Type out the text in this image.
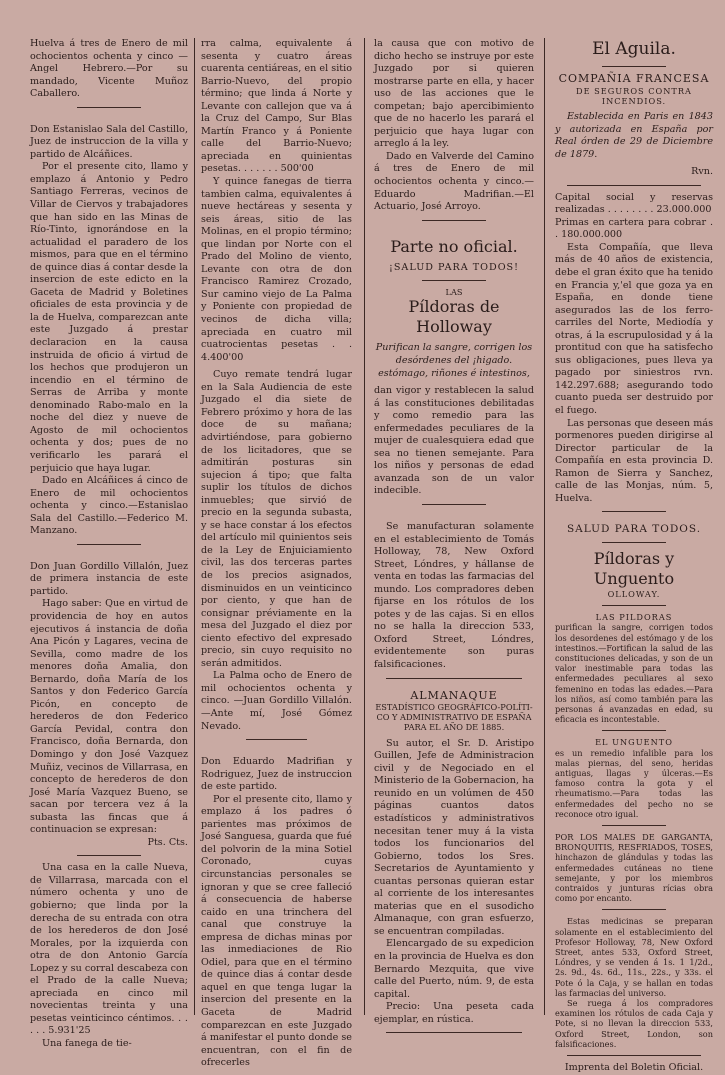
Huelva á tres de Enero de mil ochocientos ochenta y cinco — Angel Hebrero.—Por su mandado, Vicente Muñoz Caballero.

Don Estanislao Sala del Castillo, Juez de instruccion de la villa y partido de Alcáñices.

Por el presente cito, llamo y emplazo á Antonio y Pedro Santiago Ferreras, vecinos de Villar de Ciervos y trabajadores que han sido en las Minas de Río-Tinto, ignorándose en la actualidad el paradero de los mismos, para que en el término de quince dias á contar desde la insercion de este edicto en la Gaceta de Madrid y Boletines oficiales de esta provincia y de la de Huelva, comparezcan ante este Juzgado á prestar declaracion en la causa instruida de oficio á virtud de los hechos que produjeron un incendio en el término de Serras de Arriba y monte denominado Rabo-malo en la noche del diez y nueve de Agosto de mil ochocientos ochenta y dos; pues de no verificarlo les parará el perjuicio que haya lugar.

Dado en Alcáñices á cinco de Enero de mil ochocientos ochenta y cinco.—Estanislao Sala del Castillo.—Federico M. Manzano.

Don Juan Gordillo Villalón, Juez de primera instancia de este partido.

Hago saber: Que en virtud de providencia de hoy en autos ejecutivos á instancia de doña Ana Picón y Lagares, vecina de Sevilla, como madre de los menores doña Amalia, don Bernardo, doña María de los Santos y don Federico García Picón, en concepto de herederos de don Federico García Pevidal, contra don Francisco, doña Bernarda, don Domingo y don José Vazquez Muñiz, vecinos de Villarrasa, en concepto de herederos de don José María Vazquez Bueno, se sacan por tercera vez á la subasta las fincas que á continuacion se expresan:

Pts. Cts.

Una casa en la calle Nueva, de Villarrasa, marcada con el número ochenta y uno de gobierno; que linda por la derecha de su entrada con otra de los herederos de don José Morales, por la izquierda con otra de don Antonio García Lopez y su corral descabeza con el Prado de la calle Nueva; apreciada en cinco mil novecientas treinta y una pesetas veinticinco céntimos. . . . . . 5.931'25

Una fanega de tie-

rra calma, equivalente á sesenta y cuatro áreas cuarenta centiáreas, en el sitio Barrio-Nuevo, del propio término; que linda á Norte y Levante con callejon que va á la Cruz del Campo, Sur Blas Martín Franco y á Poniente calle del Barrio-Nuevo; apreciada en quinientas pesetas. . . . . . . 500'00

Y quince fanegas de tierra tambien calma, equivalentes á nueve hectáreas y sesenta y seis áreas, sitio de las Molinas, en el propio término; que lindan por Norte con el Prado del Molino de viento, Levante con otra de don Francisco Ramirez Crozado, Sur camino viejo de La Palma y Poniente con propiedad de vecinos de dicha villa; apreciada en cuatro mil cuatrocientas pesetas . . 4.400'00

Cuyo remate tendrá lugar en la Sala Audiencia de este Juzgado el dia siete de Febrero próximo y hora de las doce de su mañana; advirtiéndose, para gobierno de los licitadores, que se admitirán posturas sin sujecion á tipo; que falta suplir los títulos de dichos inmuebles; que sirvió de precio en la segunda subasta, y se hace constar á los efectos del artículo mil quinientos seis de la Ley de Enjuiciamiento civil, las dos terceras partes de los precios asignados, disminuidos en un veinticinco por ciento, y que han de consignar préviamente en la mesa del Juzgado el diez por ciento efectivo del expresado precio, sin cuyo requisito no serán admitidos.

La Palma ocho de Enero de mil ochocientos ochenta y cinco. —Juan Gordillo Villalón.—Ante mí, José Gómez Nevado.

Don Eduardo Madrifian y Rodriguez, Juez de instruccion de este partido.

Por el presente cito, llamo y emplazo á los padres ó parientes mas próximos de José Sanguesa, guarda que fué del polvorin de la mina Sotiel Coronado, cuyas circunstancias personales se ignoran y que se cree falleció á consecuencia de haberse caido en una trinchera del canal que construye la empresa de dichas minas por las inmediaciones de Rio Odiel, para que en el término de quince dias á contar desde aquel en que tenga lugar la insercion del presente en la Gaceta de Madrid comparezcan en este Juzgado á manifestar el punto donde se encuentran, con el fin de ofrecerles

la causa que con motivo de dicho hecho se instruye por este Juzgado por si quieren mostrarse parte en ella, y hacer uso de las acciones que le competan; bajo apercibimiento que de no hacerlo les parará el perjuicio que haya lugar con arreglo á la ley.

Dado en Valverde del Camino á tres de Enero de mil ochocientos ochenta y cinco.—Eduardo Madrifian.—El Actuario, José Arroyo.

Parte no oficial.

¡SALUD PARA TODOS!

LAS

Píldoras de Holloway

Purifican la sangre, corrigen los desórdenes del ¡higado. estómago, riñones é intestinos,

dan vigor y restablecen la salud á las constituciones debilitadas y como remedio para las enfermedades peculiares de la mujer de cualesquiera edad que sea no tienen semejante. Para los niños y personas de edad avanzada son de un valor indecible.

Se manufacturan solamente en el establecimiento de Tomás Holloway, 78, New Oxford Street, Lóndres, y hállanse de venta en todas las farmacias del mundo. Los compradores deben fijarse en los rótulos de los potes y de las cajas. Si en ellos no se halla la direccion 533, Oxford Street, Lóndres, evidentemente son puras falsificaciones.

ALMANAQUE

ESTADÍSTICO GEOGRÁFICO-POLÍTI-

CO Y ADMINISTRATIVO DE ESPAÑA

PARA EL AÑO DE 1885.

Su autor, el Sr. D. Aristipo Guillen, Jefe de Administracion civil y de Negociado en el Ministerio de la Gobernacion, ha reunido en un volúmen de 450 páginas cuantos datos estadísticos y administrativos necesitan tener muy á la vista todos los funcionarios del Gobierno, todos los Sres. Secretarios de Ayuntamiento y cuantas personas quieran estar al corriente de los interesantes materias que en el susodicho Almanaque, con gran esfuerzo, se encuentran compiladas.

Elencargado de su expedicion en la provincia de Huelva es don Bernardo Mezquita, que vive calle del Puerto, núm. 9, de esta capital.

Precio: Una peseta cada ejemplar, en rústica.

El Aguila.

COMPAÑIA FRANCESA

DE SEGUROS CONTRA INCENDIOS.

Establecida en Paris en 1843 y autorizada en España por Real órden de 29 de Diciembre de 1879.

Rvn.

Capital social y reservas realizadas . . . . . . . . 23.000.000

Primas en cartera para cobrar . . 180.000.000

Esta Compañía, que lleva más de 40 años de existencia, debe el gran éxito que ha tenido en Francia y,'el que goza ya en España, en donde tiene asegurados las de los ferro-carriles del Norte, Mediodía y otras, á la escrupulosidad y á la prontitud con que ha satisfecho sus obligaciones, pues lleva ya pagado por siniestros rvn. 142.297.688; asegurando todo cuanto pueda ser destruido por el fuego.

Las personas que deseen más pormenores pueden dirigirse al Director particular de la Compañía en esta provincia D. Ramon de Sierra y Sanchez, calle de las Monjas, núm. 5, Huelva.

SALUD PARA TODOS.

Píldoras y Unguento

OLLOWAY.

LAS PILDORAS

purifican la sangre, corrigen todos los desordenes del estómago y de los intestinos.—Fortifican la salud de las constituciones delicadas, y son de un valor inestimable para todas las enfermedades peculiares al sexo femenino en todas las edades.—Para los niños, así como también para las personas á avanzadas en edad, su eficacia es incontestable.

EL UNGUENTO

es un remedio infalible para los malas piernas, del seno, heridas antiguas, llagas y úlceras.—Es famoso contra la gota y el rheumatismo.—Para todas las enfermedades del pecho no se reconoce otro igual.

POR LOS MALES DE GARGANTA, BRONQUITIS, RESFRIADOS, TOSES, hinchazon de glándulas y todas las enfermedades cutáneas no tiene semejante, y por los miembros contraidos y junturas rícias obra como por encanto.

Estas medicinas se preparan solamente en el establecimiento del Profesor Holloway, 78, New Oxford Street, antes 533, Oxford Street, Lóndres, y se venden á 1s. 1 1/2d., 2s. 9d., 4s. 6d., 11s., 22s., y 33s. el Pote ó la Caja, y se hallan en todas las farmacias del universo.

Se ruega á los compradores examinen los rótulos de cada Caja y Pote, si no llevan la direccion 533, Oxford Street, London, son falsificaciones.

Imprenta del Boletin Oficial.
